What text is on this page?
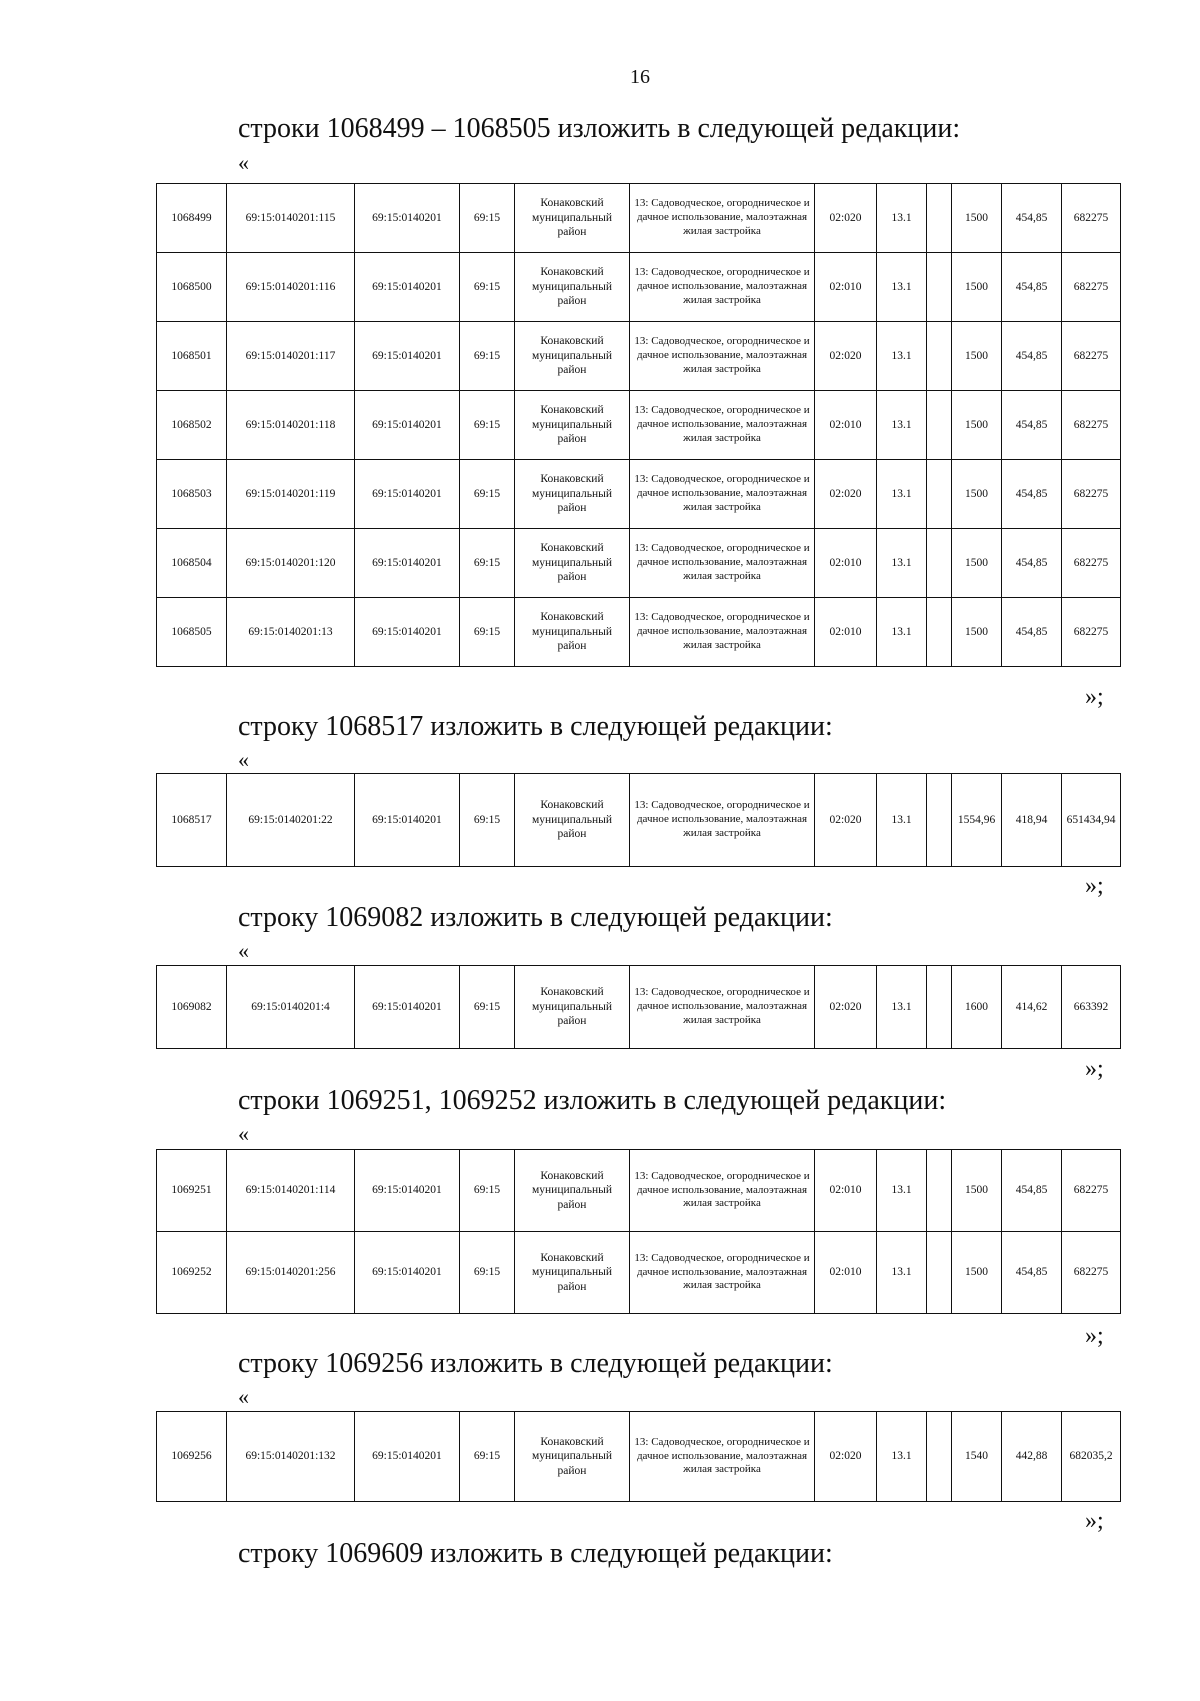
16
строки 1068499 – 1068505 изложить в следующей редакции:
«
1068499	69:15:0140201:115	69:15:0140201	69:15	Конаковский муниципальный район	13: Садоводческое, огородническое и дачное использование, малоэтажная жилая застройка	02:020	13.1		1500	454,85	682275
1068500	69:15:0140201:116	69:15:0140201	69:15	Конаковский муниципальный район	13: Садоводческое, огородническое и дачное использование, малоэтажная жилая застройка	02:010	13.1		1500	454,85	682275
1068501	69:15:0140201:117	69:15:0140201	69:15	Конаковский муниципальный район	13: Садоводческое, огородническое и дачное использование, малоэтажная жилая застройка	02:020	13.1		1500	454,85	682275
1068502	69:15:0140201:118	69:15:0140201	69:15	Конаковский муниципальный район	13: Садоводческое, огородническое и дачное использование, малоэтажная жилая застройка	02:010	13.1		1500	454,85	682275
1068503	69:15:0140201:119	69:15:0140201	69:15	Конаковский муниципальный район	13: Садоводческое, огородническое и дачное использование, малоэтажная жилая застройка	02:020	13.1		1500	454,85	682275
1068504	69:15:0140201:120	69:15:0140201	69:15	Конаковский муниципальный район	13: Садоводческое, огородническое и дачное использование, малоэтажная жилая застройка	02:010	13.1		1500	454,85	682275
1068505	69:15:0140201:13	69:15:0140201	69:15	Конаковский муниципальный район	13: Садоводческое, огородническое и дачное использование, малоэтажная жилая застройка	02:010	13.1		1500	454,85	682275
»;
строку 1068517 изложить в следующей редакции:
«
1068517	69:15:0140201:22	69:15:0140201	69:15	Конаковский муниципальный район	13: Садоводческое, огородническое и дачное использование, малоэтажная жилая застройка	02:020	13.1		1554,96	418,94	651434,94
»;
строку 1069082 изложить в следующей редакции:
«
1069082	69:15:0140201:4	69:15:0140201	69:15	Конаковский муниципальный район	13: Садоводческое, огородническое и дачное использование, малоэтажная жилая застройка	02:020	13.1		1600	414,62	663392
»;
строки 1069251, 1069252 изложить в следующей редакции:
«
1069251	69:15:0140201:114	69:15:0140201	69:15	Конаковский муниципальный район	13: Садоводческое, огородническое и дачное использование, малоэтажная жилая застройка	02:010	13.1		1500	454,85	682275
1069252	69:15:0140201:256	69:15:0140201	69:15	Конаковский муниципальный район	13: Садоводческое, огородническое и дачное использование, малоэтажная жилая застройка	02:010	13.1		1500	454,85	682275
»;
строку 1069256 изложить в следующей редакции:
«
1069256	69:15:0140201:132	69:15:0140201	69:15	Конаковский муниципальный район	13: Садоводческое, огородническое и дачное использование, малоэтажная жилая застройка	02:020	13.1		1540	442,88	682035,2
»;
строку 1069609 изложить в следующей редакции:
